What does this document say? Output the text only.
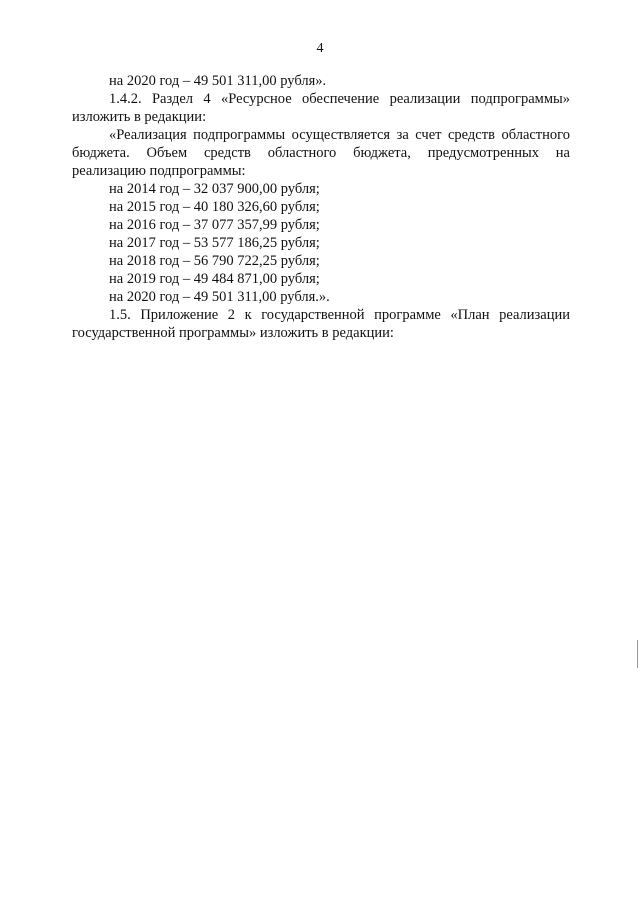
4
на 2020 год – 49 501 311,00 рубля».
1.4.2. Раздел 4 «Ресурсное обеспечение реализации подпрограммы»
изложить в редакции:
«Реализация подпрограммы осуществляется за счет средств областного
бюджета. Объем средств областного бюджета, предусмотренных на
реализацию подпрограммы:
на 2014 год – 32 037 900,00 рубля;
на 2015 год – 40 180 326,60 рубля;
на 2016 год – 37 077 357,99 рубля;
на 2017 год – 53 577 186,25 рубля;
на 2018 год – 56 790 722,25 рубля;
на 2019 год – 49 484 871,00 рубля;
на 2020 год – 49 501 311,00 рубля.».
1.5. Приложение 2 к государственной программе «План реализации
государственной программы» изложить в редакции:
